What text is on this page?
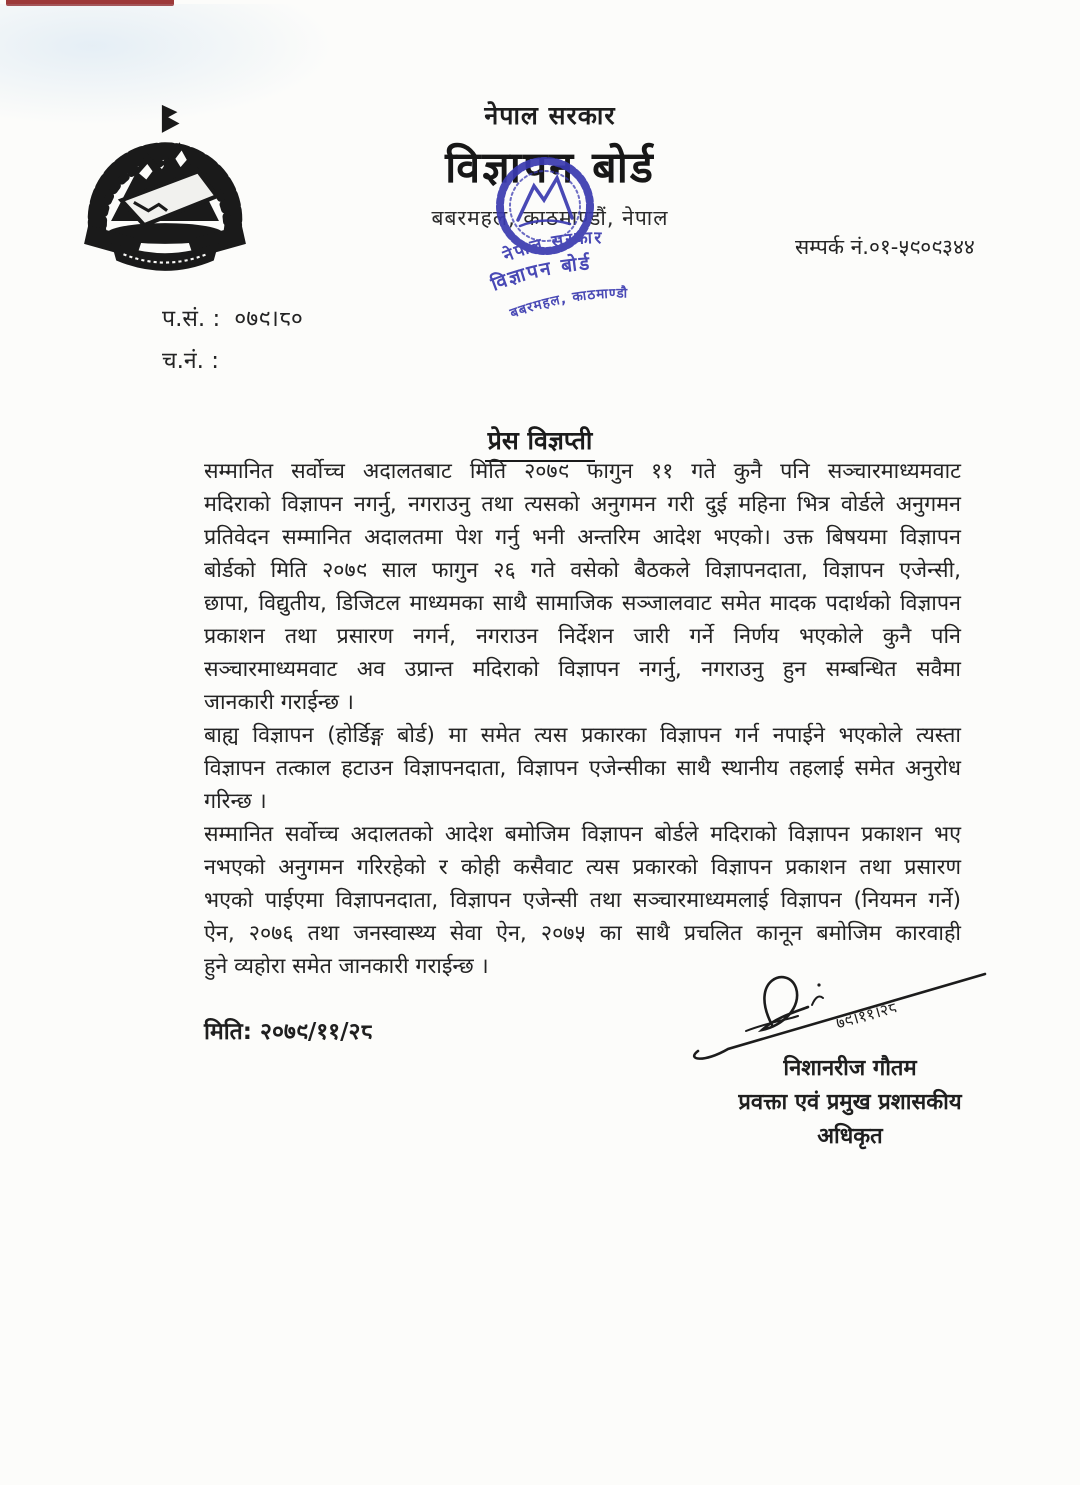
नेपाल सरकार
विज्ञापन बोर्ड
बबरमहल, काठमाण्डौं, नेपाल
नेपाल सरकार
विज्ञापन बोर्ड
बबरमहल, काठमाण्डौ
सम्पर्क नं.०१-५९०९३४४
प.सं. : ०७९।८०
च.नं. :
प्रेस विज्ञप्ती
सम्मानित सर्वोच्च अदालतबाट मिति २०७९ फागुन ११ गते कुनै पनि सञ्चारमाध्यमवाट
मदिराको विज्ञापन नगर्नु, नगराउनु तथा त्यसको अनुगमन गरी दुई महिना भित्र वोर्डले अनुगमन
प्रतिवेदन सम्मानित अदालतमा पेश गर्नु भनी अन्तरिम आदेश भएको। उक्त बिषयमा विज्ञापन
बोर्डको मिति २०७९ साल फागुन २६ गते वसेको बैठकले विज्ञापनदाता, विज्ञापन एजेन्सी,
छापा, विद्युतीय, डिजिटल माध्यमका साथै सामाजिक सञ्जालवाट समेत मादक पदार्थको विज्ञापन
प्रकाशन तथा प्रसारण नगर्न, नगराउन निर्देशन जारी गर्ने निर्णय भएकोले कुनै पनि
सञ्चारमाध्यमवाट अव उप्रान्त मदिराको विज्ञापन नगर्नु, नगराउनु हुन सम्बन्धित सवैमा
जानकारी गराईन्छ ।
बाह्य विज्ञापन (होर्डिङ्ग बोर्ड) मा समेत त्यस प्रकारका विज्ञापन गर्न नपाईने भएकोले त्यस्ता
विज्ञापन तत्काल हटाउन विज्ञापनदाता, विज्ञापन एजेन्सीका साथै स्थानीय तहलाई समेत अनुरोध
गरिन्छ ।
सम्मानित सर्वोच्च अदालतको आदेश बमोजिम विज्ञापन बोर्डले मदिराको विज्ञापन प्रकाशन भए
नभएको अनुगमन गरिरहेको र कोही कसैवाट त्यस प्रकारको विज्ञापन प्रकाशन तथा प्रसारण
भएको पाईएमा विज्ञापनदाता, विज्ञापन एजेन्सी तथा सञ्चारमाध्यमलाई विज्ञापन (नियमन गर्ने)
ऐन, २०७६ तथा जनस्वास्थ्य सेवा ऐन, २०७५ का साथै प्रचलित कानून बमोजिम कारवाही
हुने व्यहोरा समेत जानकारी गराईन्छ ।
मिति: २०७९/११/२८	७९।११।२८
निशानरीज गौतम
प्रवक्ता एवं प्रमुख प्रशासकीय
अधिकृत
